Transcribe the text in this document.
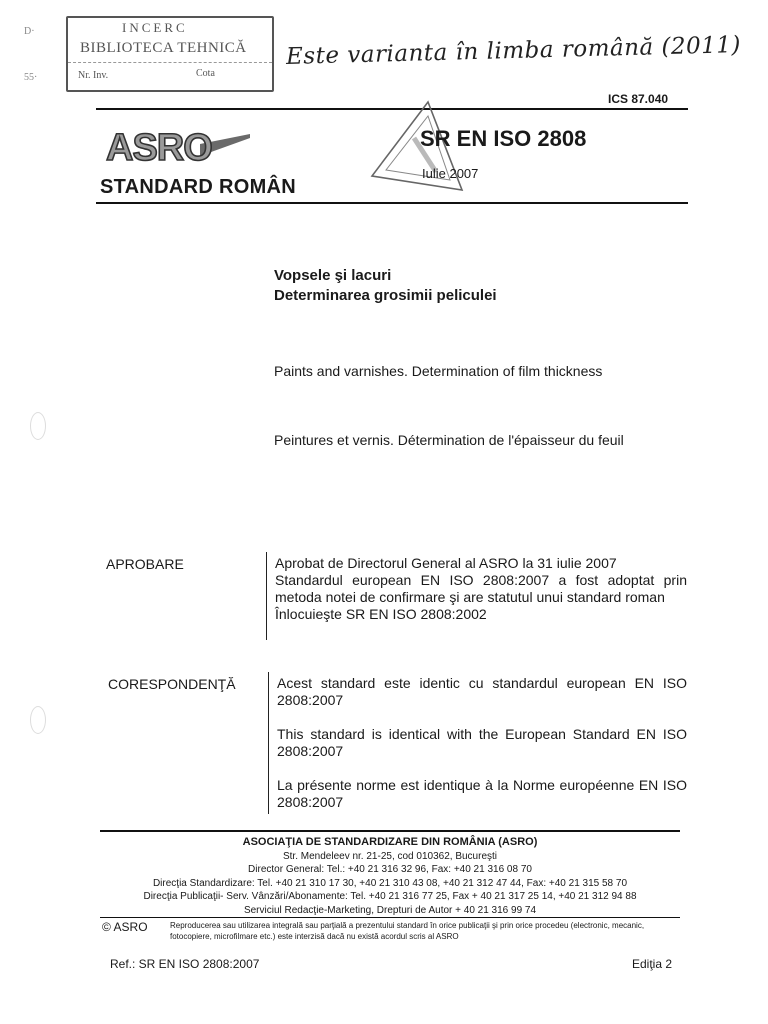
D·
55·
INCERC
BIBLIOTECA TEHNICĂ
Nr. Inv.	Cota
Este varianta în limba română (2011)
ICS 87.040
ASRO
STANDARD ROMÂN
SR EN ISO 2808
Iulie 2007
Vopsele şi lacuri
Determinarea grosimii peliculei
Paints and varnishes. Determination of film thickness
Peintures et vernis. Détermination de l'épaisseur du feuil
APROBARE	Aprobat de Directorul General al ASRO la 31 iulie 2007

Standardul european EN ISO 2808:2007 a fost adoptat prin metoda notei de confirmare şi are statutul unui standard roman

Înlocuieşte SR EN ISO 2808:2002

CORESPONDENŢĂ	Acest standard este identic cu standardul european EN ISO 2808:2007

This standard is identical with the European Standard EN ISO 2808:2007

La présente norme est identique à la Norme européenne EN ISO 2808:2007

ASOCIAŢIA DE STANDARDIZARE DIN ROMÂNIA (ASRO)
Str. Mendeleev nr. 21-25, cod 010362, Bucureşti
Director General: Tel.: +40 21 316 32 96, Fax: +40 21 316 08 70
Direcţia Standardizare: Tel. +40 21 310 17 30, +40 21 310 43 08, +40 21 312 47 44, Fax: +40 21 315 58 70
Direcţia Publicaţii- Serv. Vânzări/Abonamente: Tel. +40 21 316 77 25, Fax + 40 21 317 25 14, +40 21 312 94 88
Serviciul Redacţie-Marketing, Drepturi de Autor + 40 21 316 99 74
© ASRO	Reproducerea sau utilizarea integrală sau parţială a prezentului standard în orice publicaţii şi prin orice procedeu (electronic, mecanic, fotocopiere, microfilmare etc.) este interzisă dacă nu există acordul scris al ASRO
Ref.: SR EN ISO 2808:2007	Ediţia 2
